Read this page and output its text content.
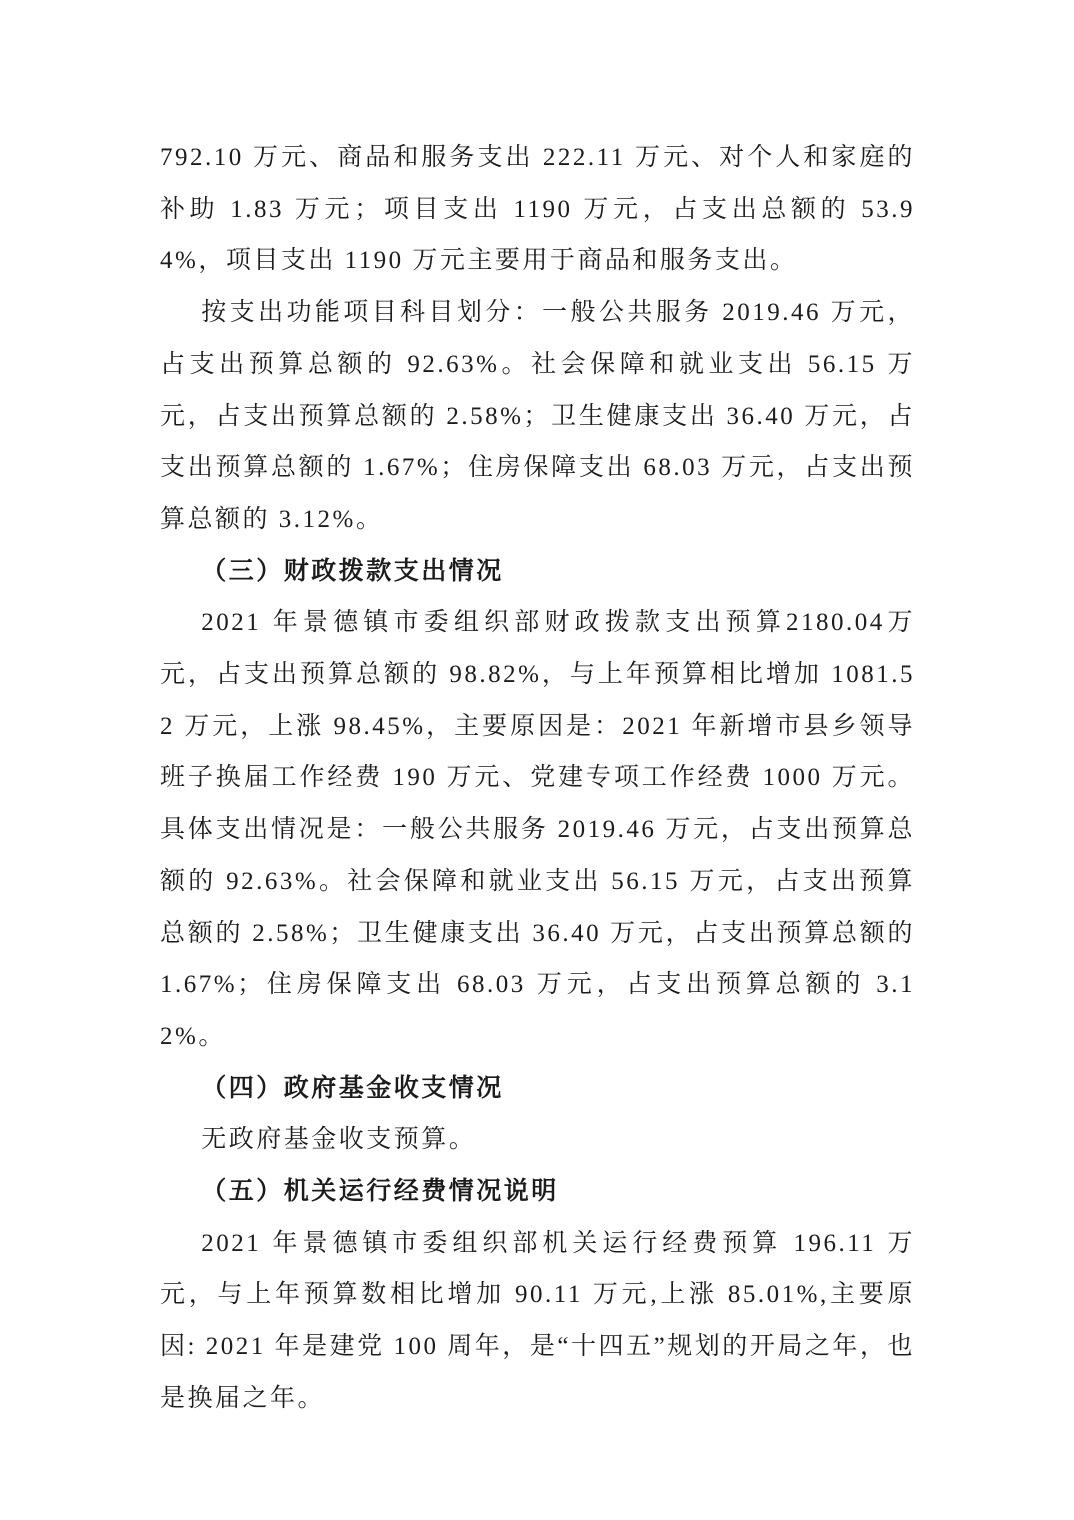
792.10 万元、商品和服务支出 222.11 万元、对个人和家庭的补助 1.83 万元；项目支出 1190 万元，占支出总额的 53.94%，项目支出 1190 万元主要用于商品和服务支出。

按支出功能项目科目划分：一般公共服务 2019.46 万元，占支出预算总额的 92.63%。社会保障和就业支出 56.15 万元，占支出预算总额的 2.58%；卫生健康支出 36.40 万元，占支出预算总额的 1.67%；住房保障支出 68.03 万元，占支出预算总额的 3.12%。

（三）财政拨款支出情况

2021 年景德镇市委组织部财政拨款支出预算2180.04万元，占支出预算总额的 98.82%，与上年预算相比增加 1081.52 万元，上涨 98.45%，主要原因是：2021 年新增市县乡领导班子换届工作经费 190 万元、党建专项工作经费 1000 万元。具体支出情况是：一般公共服务 2019.46 万元，占支出预算总额的 92.63%。社会保障和就业支出 56.15 万元，占支出预算总额的 2.58%；卫生健康支出 36.40 万元，占支出预算总额的 1.67%；住房保障支出 68.03 万元，占支出预算总额的 3.12%。

（四）政府基金收支情况

无政府基金收支预算。

（五）机关运行经费情况说明

2021 年景德镇市委组织部机关运行经费预算 196.11 万元，与上年预算数相比增加 90.11 万元,上涨 85.01%,主要原因: 2021 年是建党 100 周年，是“十四五”规划的开局之年，也是换届之年。
